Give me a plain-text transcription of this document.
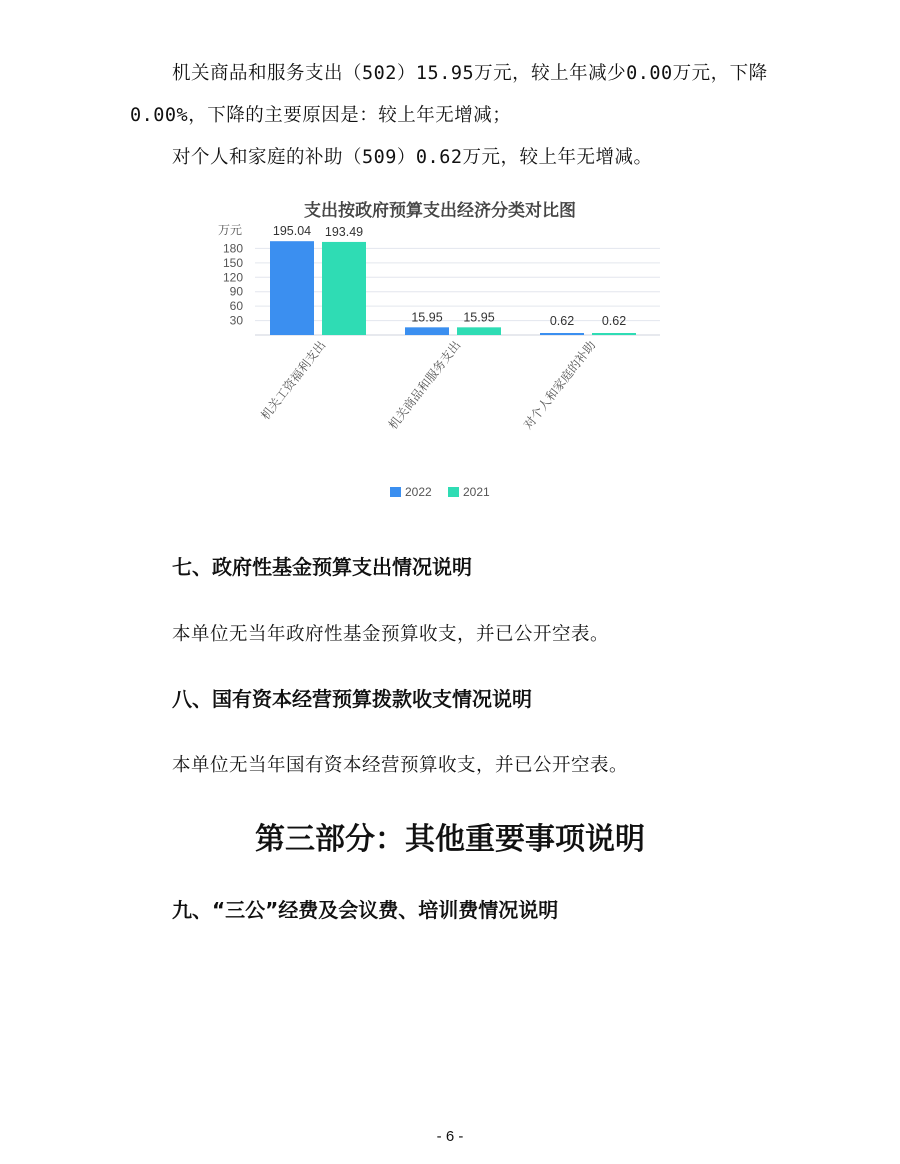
机关商品和服务支出（502）15.95万元，较上年减少0.00万元，下降0.00%，下降的主要原因是：较上年无增减；

对个人和家庭的补助（509）0.62万元，较上年无增减。

支出按政府预算支出经济分类对比图
万元
30
60
90
120
150
180
195.04 193.49
机关工资福利支出
15.95 15.95
机关商品和服务支出
0.62 0.62
对个人和家庭的补助
2022	2021

七、政府性基金预算支出情况说明

本单位无当年政府性基金预算收支，并已公开空表。

八、国有资本经营预算拨款收支情况说明

本单位无当年国有资本经营预算收支，并已公开空表。

第三部分：其他重要事项说明

九、“三公”经费及会议费、培训费情况说明

- 6 -
